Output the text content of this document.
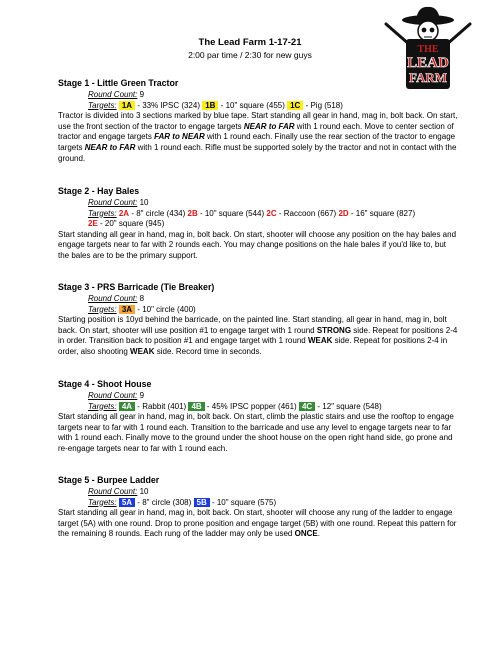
THE
LEAD
FARM
The Lead Farm 1-17-21
2:00 par time / 2:30 for new guys
Stage 1 - Little Green Tractor
Round Count: 9
Targets: 1A - 33% IPSC (324) 1B - 10" square (455) 1C - Pig (518)
Tractor is divided into 3 sections marked by blue tape. Start standing all gear in hand, mag in, bolt back. On start, use the front section of the tractor to engage targets NEAR to FAR with 1 round each. Move to center section of tractor and engage targets FAR to NEAR with 1 round each. Finally use the rear section of the tractor to engage targets NEAR to FAR with 1 round each. Rifle must be supported solely by the tractor and not in contact with the ground.
Stage 2 - Hay Bales
Round Count: 10
Targets: 2A - 8" circle (434) 2B - 10" square (544) 2C - Raccoon (667) 2D - 16" square (827)
2E - 20" square (945)
Start standing all gear in hand, mag in, bolt back. On start, shooter will choose any position on the hay bales and engage targets near to far with 2 rounds each. You may change positions on the hale bales if you'd like to, but the bales are to be the primary support.
Stage 3 - PRS Barricade (Tie Breaker)
Round Count: 8
Targets: 3A - 10" circle (400)
Starting position is 10yd behind the barricade, on the painted line. Start standing, all gear in hand, mag in, bolt back. On start, shooter will use position #1 to engage target with 1 round STRONG side. Repeat for positions 2-4 in order. Transition back to position #1 and engage target with 1 round WEAK side. Repeat for positions 2-4 in order, also shooting WEAK side. Record time in seconds.
Stage 4 - Shoot House
Round Count: 9
Targets: 4A - Rabbit (401) 4B - 45% IPSC popper (461) 4C - 12" square (548)
Start standing all gear in hand, mag in, bolt back. On start, climb the plastic stairs and use the rooftop to engage targets near to far with 1 round each. Transition to the barricade and use any level to engage targets near to far with 1 round each. Finally move to the ground under the shoot house on the open right hand side, go prone and re-engage targets near to far with 1 round each.
Stage 5 - Burpee Ladder
Round Count: 10
Targets: 5A - 8" circle (308) 5B - 10" square (575)
Start standing all gear in hand, mag in, bolt back. On start, shooter will choose any rung of the ladder to engage target (5A) with one round. Drop to prone position and engage target (5B) with one round. Repeat this pattern for the remaining 8 rounds. Each rung of the ladder may only be used ONCE.
